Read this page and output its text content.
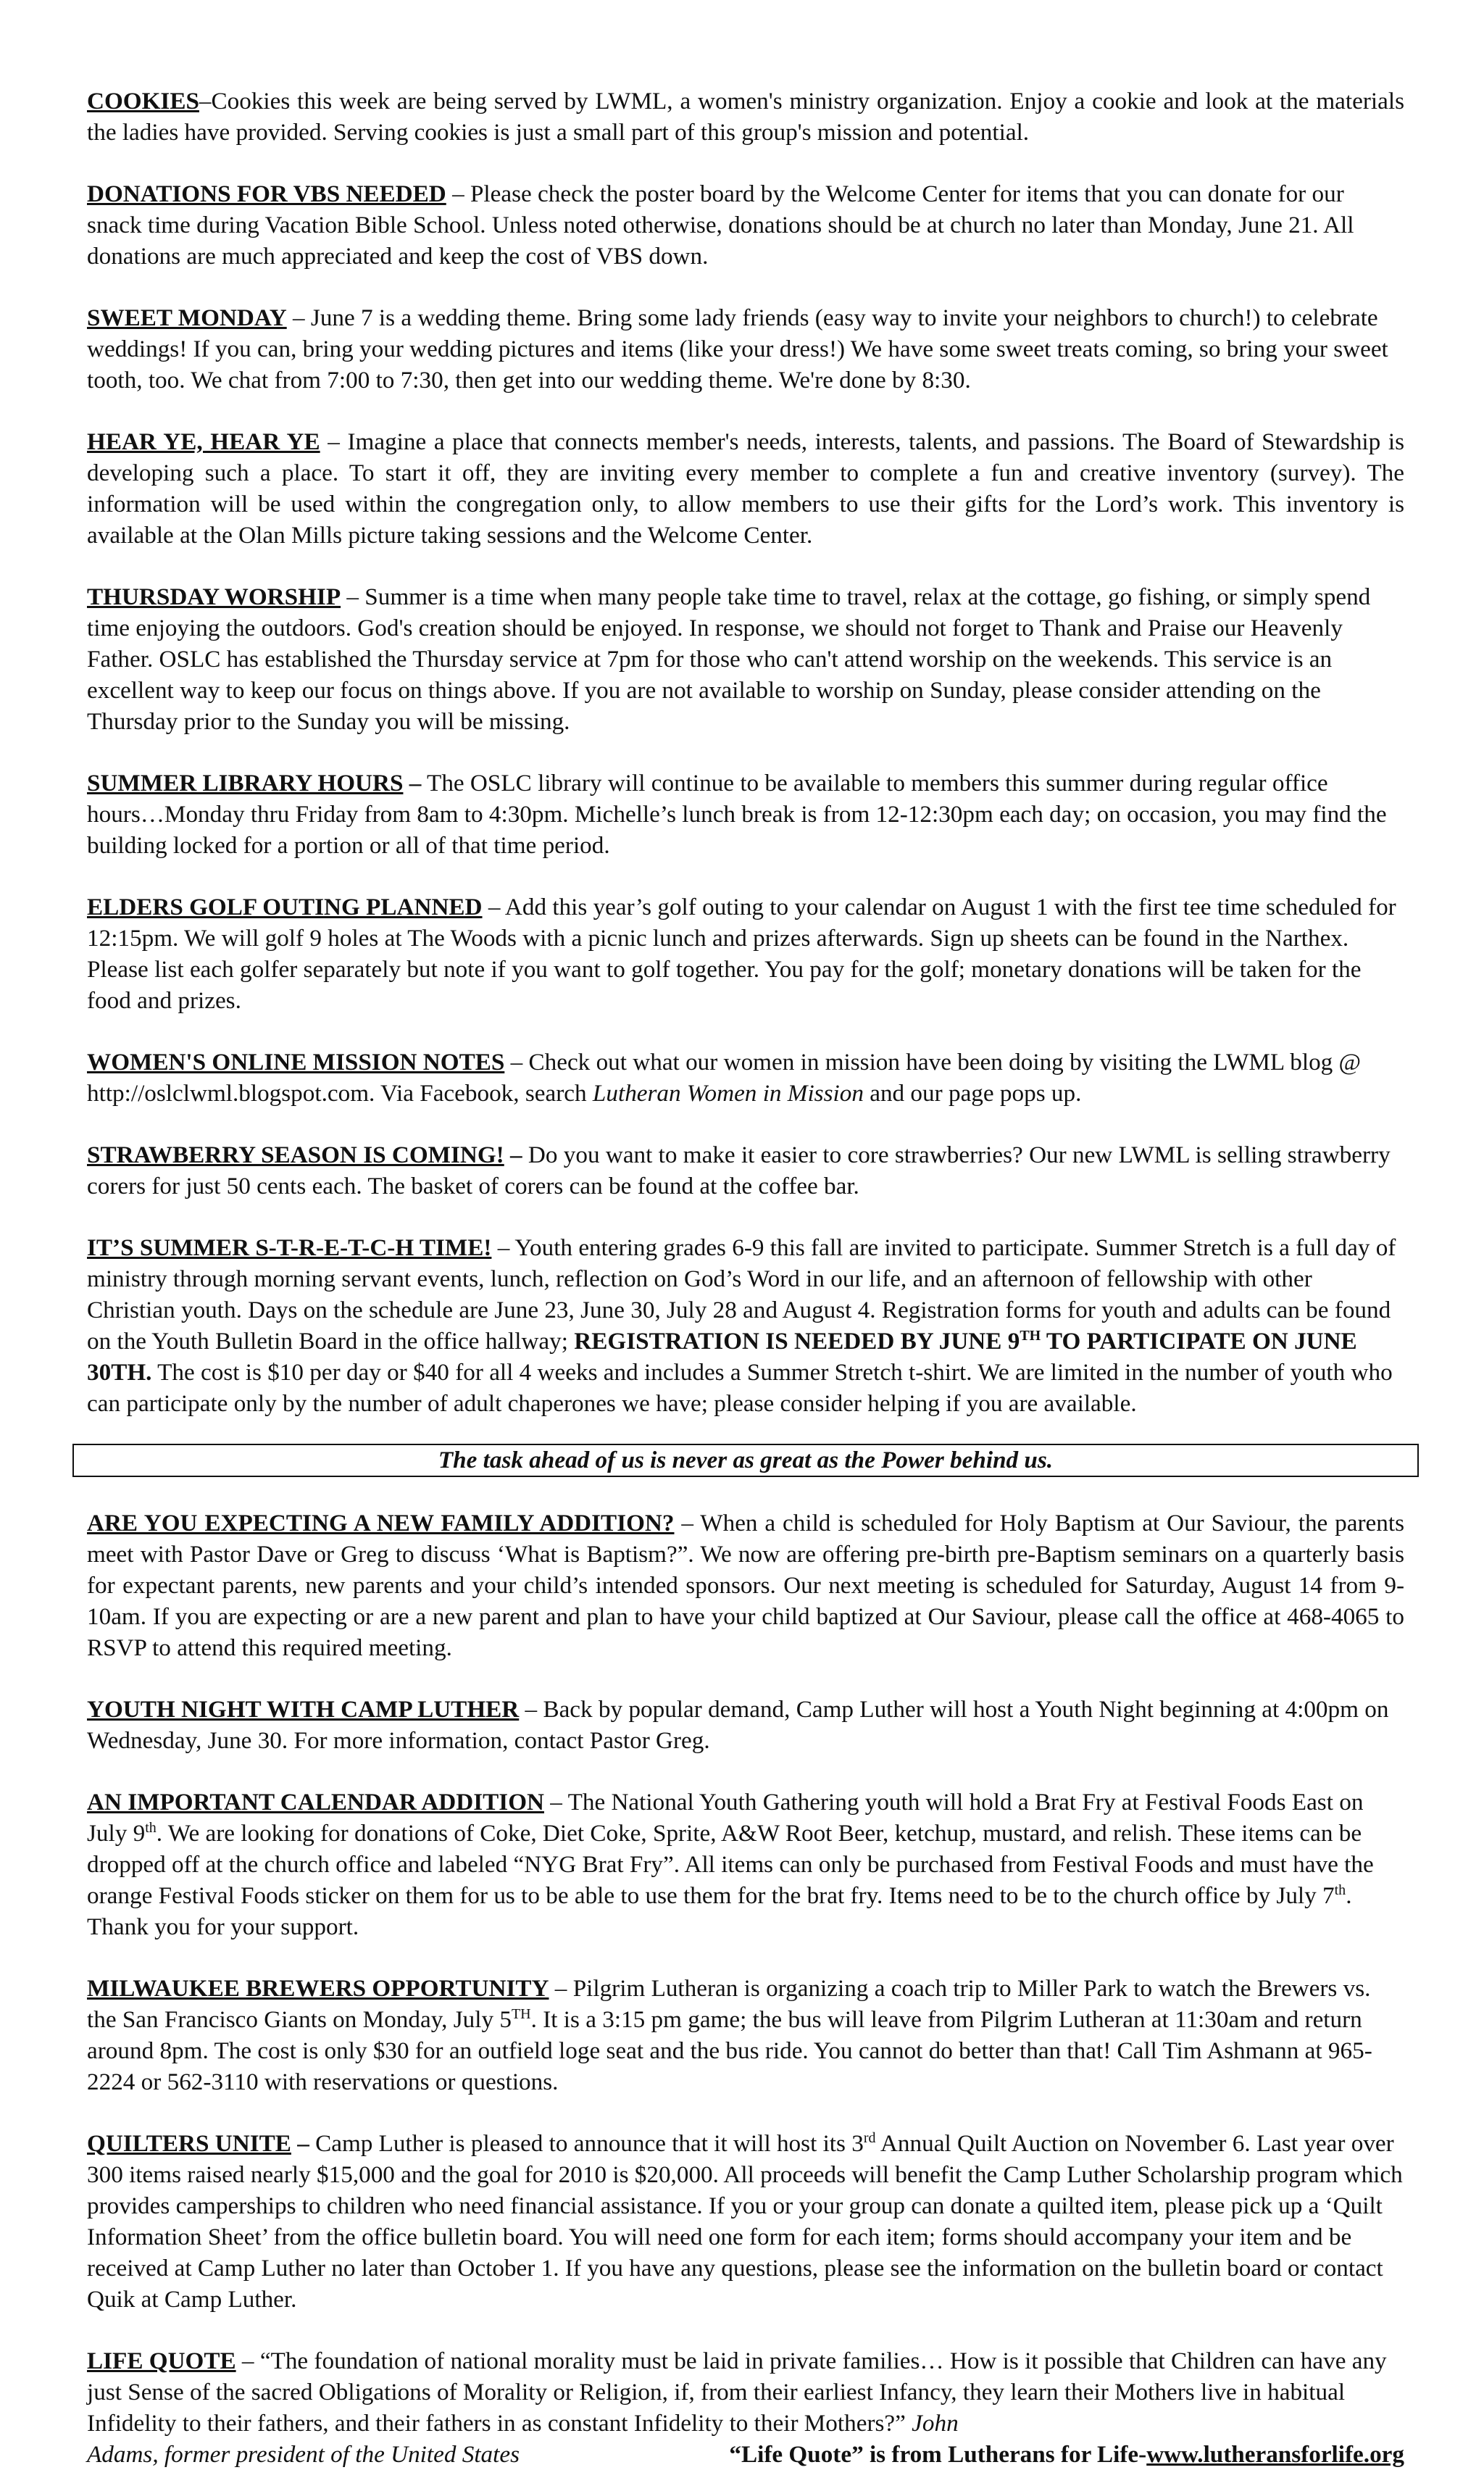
COOKIES–Cookies this week are being served by LWML, a women's ministry organization. Enjoy a cookie and look at the materials the ladies have provided. Serving cookies is just a small part of this group's mission and potential.
DONATIONS FOR VBS NEEDED – Please check the poster board by the Welcome Center for items that you can donate for our snack time during Vacation Bible School. Unless noted otherwise, donations should be at church no later than Monday, June 21. All donations are much appreciated and keep the cost of VBS down.
SWEET MONDAY – June 7 is a wedding theme. Bring some lady friends (easy way to invite your neighbors to church!) to celebrate weddings! If you can, bring your wedding pictures and items (like your dress!) We have some sweet treats coming, so bring your sweet tooth, too. We chat from 7:00 to 7:30, then get into our wedding theme. We're done by 8:30.
HEAR YE, HEAR YE – Imagine a place that connects member's needs, interests, talents, and passions. The Board of Stewardship is developing such a place. To start it off, they are inviting every member to complete a fun and creative inventory (survey). The information will be used within the congregation only, to allow members to use their gifts for the Lord’s work. This inventory is available at the Olan Mills picture taking sessions and the Welcome Center.
THURSDAY WORSHIP – Summer is a time when many people take time to travel, relax at the cottage, go fishing, or simply spend time enjoying the outdoors. God's creation should be enjoyed. In response, we should not forget to Thank and Praise our Heavenly Father. OSLC has established the Thursday service at 7pm for those who can't attend worship on the weekends. This service is an excellent way to keep our focus on things above. If you are not available to worship on Sunday, please consider attending on the Thursday prior to the Sunday you will be missing.
SUMMER LIBRARY HOURS – The OSLC library will continue to be available to members this summer during regular office hours…Monday thru Friday from 8am to 4:30pm. Michelle’s lunch break is from 12-12:30pm each day; on occasion, you may find the building locked for a portion or all of that time period.
ELDERS GOLF OUTING PLANNED – Add this year’s golf outing to your calendar on August 1 with the first tee time scheduled for 12:15pm. We will golf 9 holes at The Woods with a picnic lunch and prizes afterwards. Sign up sheets can be found in the Narthex. Please list each golfer separately but note if you want to golf together. You pay for the golf; monetary donations will be taken for the food and prizes.
WOMEN'S ONLINE MISSION NOTES – Check out what our women in mission have been doing by visiting the LWML blog @ http://oslclwml.blogspot.com. Via Facebook, search Lutheran Women in Mission and our page pops up.
STRAWBERRY SEASON IS COMING! – Do you want to make it easier to core strawberries? Our new LWML is selling strawberry corers for just 50 cents each. The basket of corers can be found at the coffee bar.
IT’S SUMMER S-T-R-E-T-C-H TIME! – Youth entering grades 6-9 this fall are invited to participate. Summer Stretch is a full day of ministry through morning servant events, lunch, reflection on God’s Word in our life, and an afternoon of fellowship with other Christian youth. Days on the schedule are June 23, June 30, July 28 and August 4. Registration forms for youth and adults can be found on the Youth Bulletin Board in the office hallway; REGISTRATION IS NEEDED BY JUNE 9TH TO PARTICIPATE ON JUNE 30TH. The cost is $10 per day or $40 for all 4 weeks and includes a Summer Stretch t-shirt. We are limited in the number of youth who can participate only by the number of adult chaperones we have; please consider helping if you are available.
The task ahead of us is never as great as the Power behind us.
ARE YOU EXPECTING A NEW FAMILY ADDITION? – When a child is scheduled for Holy Baptism at Our Saviour, the parents meet with Pastor Dave or Greg to discuss ‘What is Baptism?”. We now are offering pre-birth pre-Baptism seminars on a quarterly basis for expectant parents, new parents and your child’s intended sponsors. Our next meeting is scheduled for Saturday, August 14 from 9-10am. If you are expecting or are a new parent and plan to have your child baptized at Our Saviour, please call the office at 468-4065 to RSVP to attend this required meeting.
YOUTH NIGHT WITH CAMP LUTHER – Back by popular demand, Camp Luther will host a Youth Night beginning at 4:00pm on Wednesday, June 30. For more information, contact Pastor Greg.
AN IMPORTANT CALENDAR ADDITION – The National Youth Gathering youth will hold a Brat Fry at Festival Foods East on July 9th. We are looking for donations of Coke, Diet Coke, Sprite, A&W Root Beer, ketchup, mustard, and relish. These items can be dropped off at the church office and labeled “NYG Brat Fry”. All items can only be purchased from Festival Foods and must have the orange Festival Foods sticker on them for us to be able to use them for the brat fry. Items need to be to the church office by July 7th. Thank you for your support.
MILWAUKEE BREWERS OPPORTUNITY – Pilgrim Lutheran is organizing a coach trip to Miller Park to watch the Brewers vs. the San Francisco Giants on Monday, July 5TH. It is a 3:15 pm game; the bus will leave from Pilgrim Lutheran at 11:30am and return around 8pm. The cost is only $30 for an outfield loge seat and the bus ride. You cannot do better than that! Call Tim Ashmann at 965-2224 or 562-3110 with reservations or questions.
QUILTERS UNITE – Camp Luther is pleased to announce that it will host its 3rd Annual Quilt Auction on November 6. Last year over 300 items raised nearly $15,000 and the goal for 2010 is $20,000. All proceeds will benefit the Camp Luther Scholarship program which provides camperships to children who need financial assistance. If you or your group can donate a quilted item, please pick up a ‘Quilt Information Sheet’ from the office bulletin board. You will need one form for each item; forms should accompany your item and be received at Camp Luther no later than October 1. If you have any questions, please see the information on the bulletin board or contact Quik at Camp Luther.
LIFE QUOTE – “The foundation of national morality must be laid in private families… How is it possible that Children can have any just Sense of the sacred Obligations of Morality or Religion, if, from their earliest Infancy, they learn their Mothers live in habitual Infidelity to their fathers, and their fathers in as constant Infidelity to their Mothers?” John
Adams, former president of the United States	“Life Quote” is from Lutherans for Life-www.lutheransforlife.org
